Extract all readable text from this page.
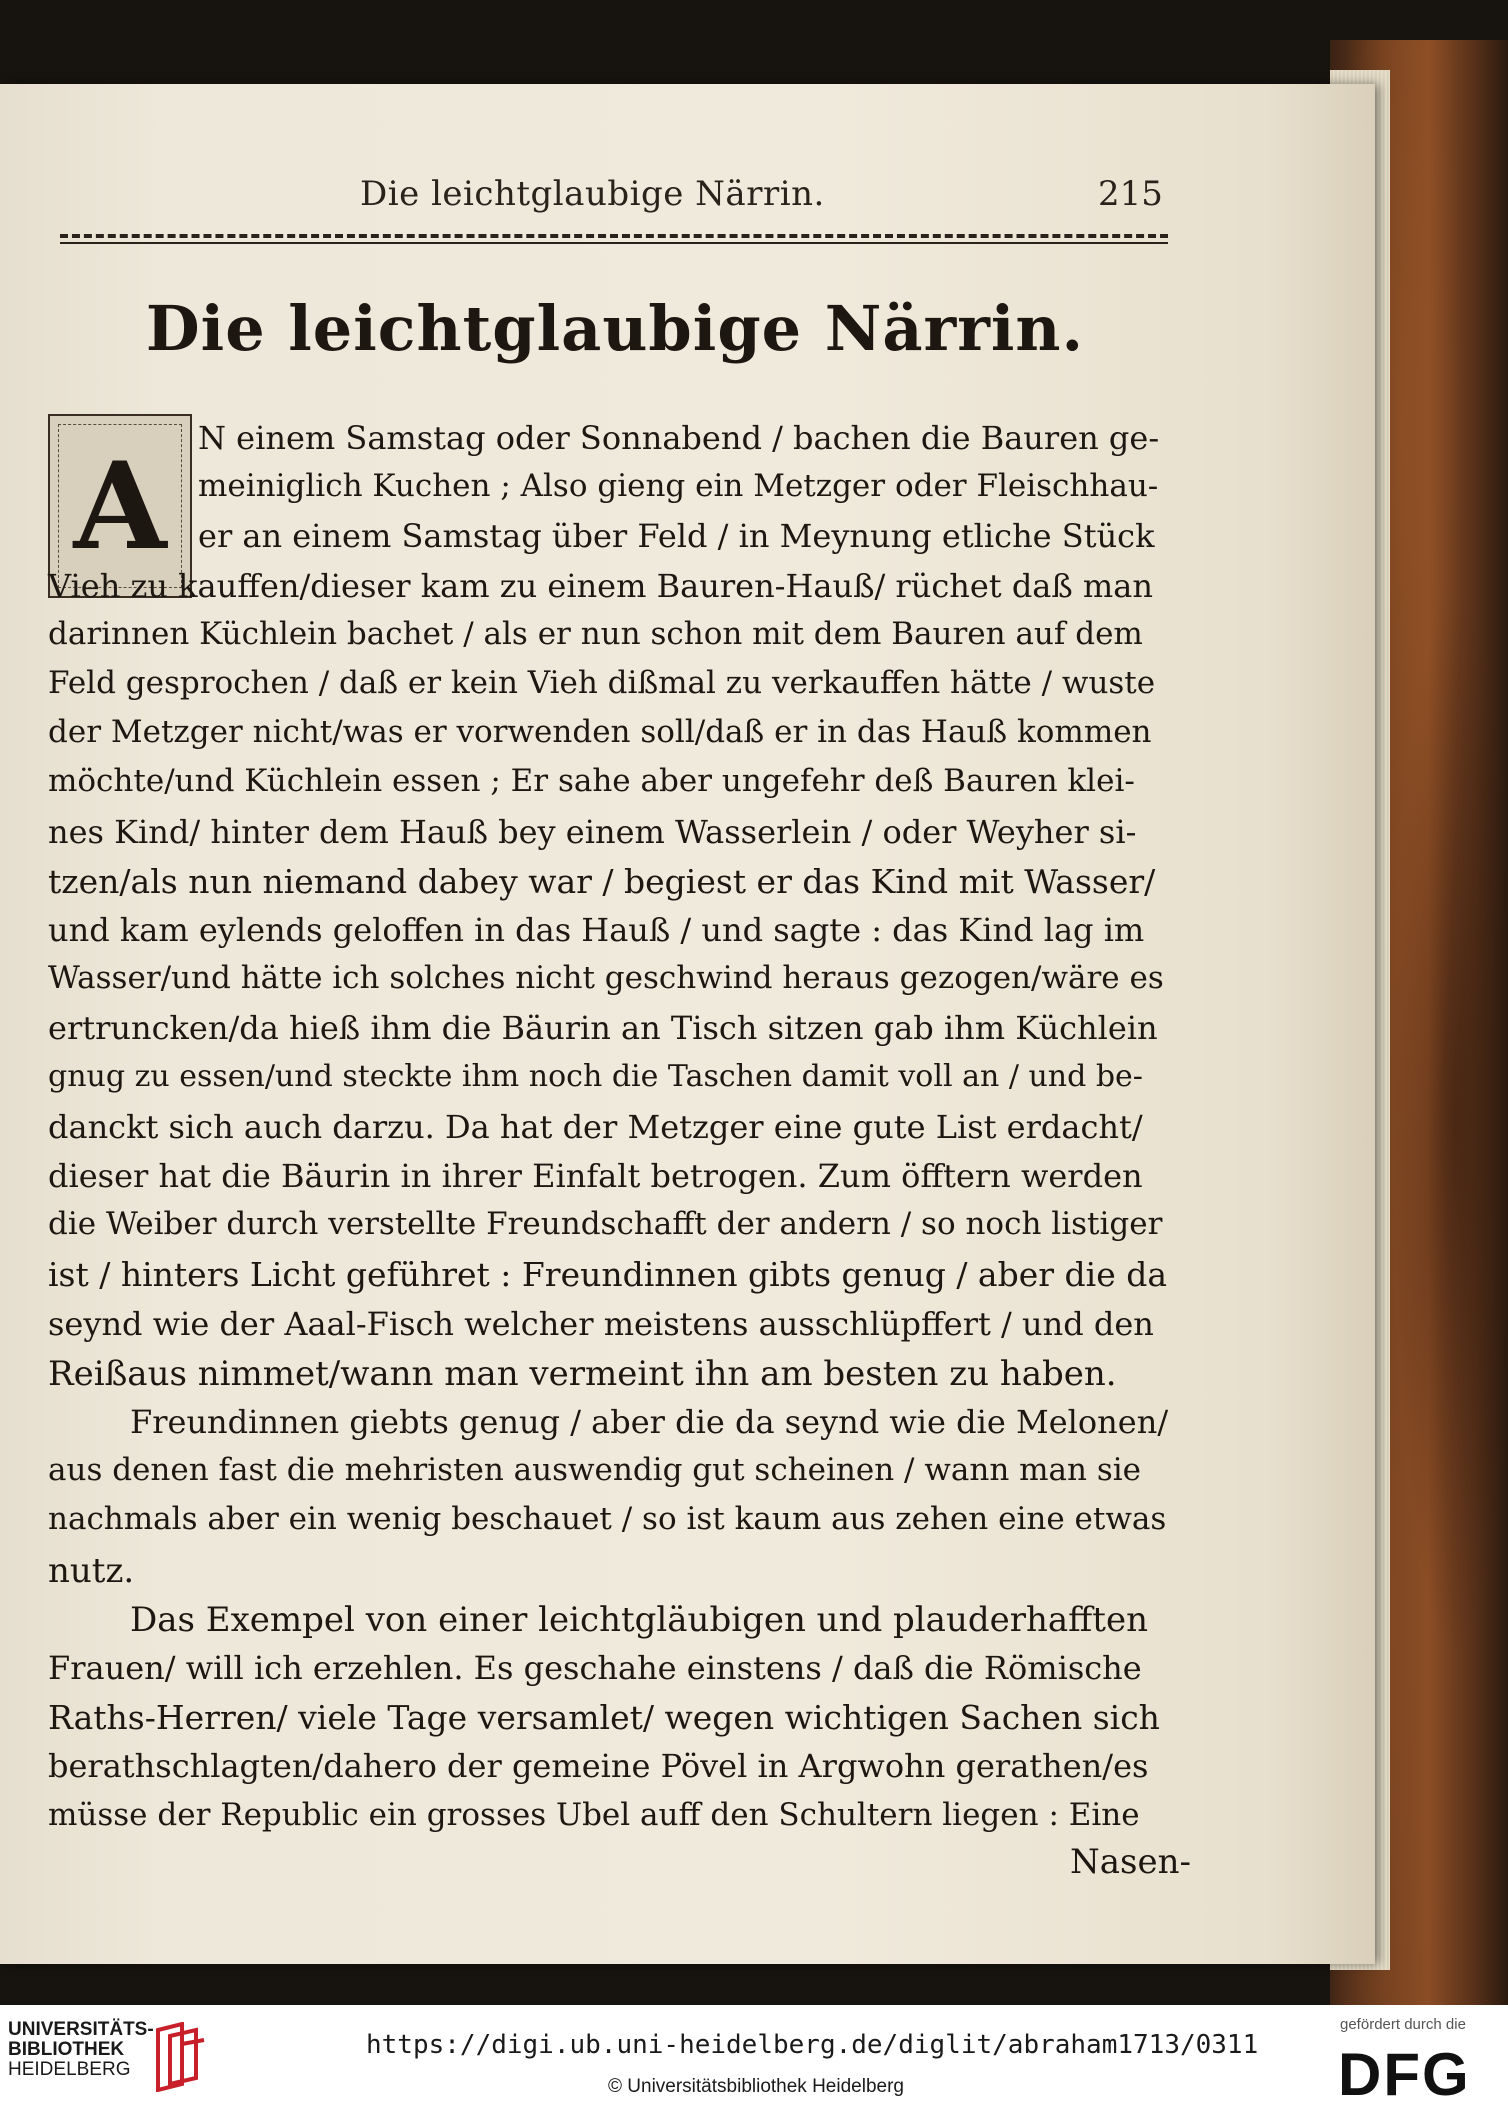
Die leichtglaubige Närrin.	215
Die leichtglaubige Närrin.
A N einem Samstag oder Sonnabend / bachen die Bauren ge-
meiniglich Kuchen ; Also gieng ein Metzger oder Fleischhau-
er an einem Samstag über Feld / in Meynung etliche Stück
Vieh zu kauffen/dieser kam zu einem Bauren-Hauß/ rüchet daß man
darinnen Küchlein bachet / als er nun schon mit dem Bauren auf dem
Feld gesprochen / daß er kein Vieh dißmal zu verkauffen hätte / wuste
der Metzger nicht/was er vorwenden soll/daß er in das Hauß kommen
möchte/und Küchlein essen ; Er sahe aber ungefehr deß Bauren klei-
nes Kind/ hinter dem Hauß bey einem Wasserlein / oder Weyher si-
tzen/als nun niemand dabey war / begiest er das Kind mit Wasser/
und kam eylends geloffen in das Hauß / und sagte : das Kind lag im
Wasser/und hätte ich solches nicht geschwind heraus gezogen/wäre es
ertruncken/da hieß ihm die Bäurin an Tisch sitzen gab ihm Küchlein
gnug zu essen/und steckte ihm noch die Taschen damit voll an / und be-
danckt sich auch darzu. Da hat der Metzger eine gute List erdacht/
dieser hat die Bäurin in ihrer Einfalt betrogen. Zum öfftern werden
die Weiber durch verstellte Freundschafft der andern / so noch listiger
ist / hinters Licht geführet : Freundinnen gibts genug / aber die da
seynd wie der Aaal-Fisch welcher meistens ausschlüpffert / und den
Reißaus nimmet/wann man vermeint ihn am besten zu haben.
Freundinnen giebts genug / aber die da seynd wie die Melonen/
aus denen fast die mehristen auswendig gut scheinen / wann man sie
nachmals aber ein wenig beschauet / so ist kaum aus zehen eine etwas
nutz.
Das Exempel von einer leichtgläubigen und plauderhafften
Frauen/ will ich erzehlen. Es geschahe einstens / daß die Römische
Raths-Herren/ viele Tage versamlet/ wegen wichtigen Sachen sich
berathschlagten/dahero der gemeine Pövel in Argwohn gerathen/es
müsse der Republic ein grosses Ubel auff den Schultern liegen : Eine
Nasen-
UNIVERSITÄTS-
BIBLIOTHEK
HEIDELBERG
https://digi.ub.uni-heidelberg.de/diglit/abraham1713/0311
© Universitätsbibliothek Heidelberg
gefördert durch die
DFG
